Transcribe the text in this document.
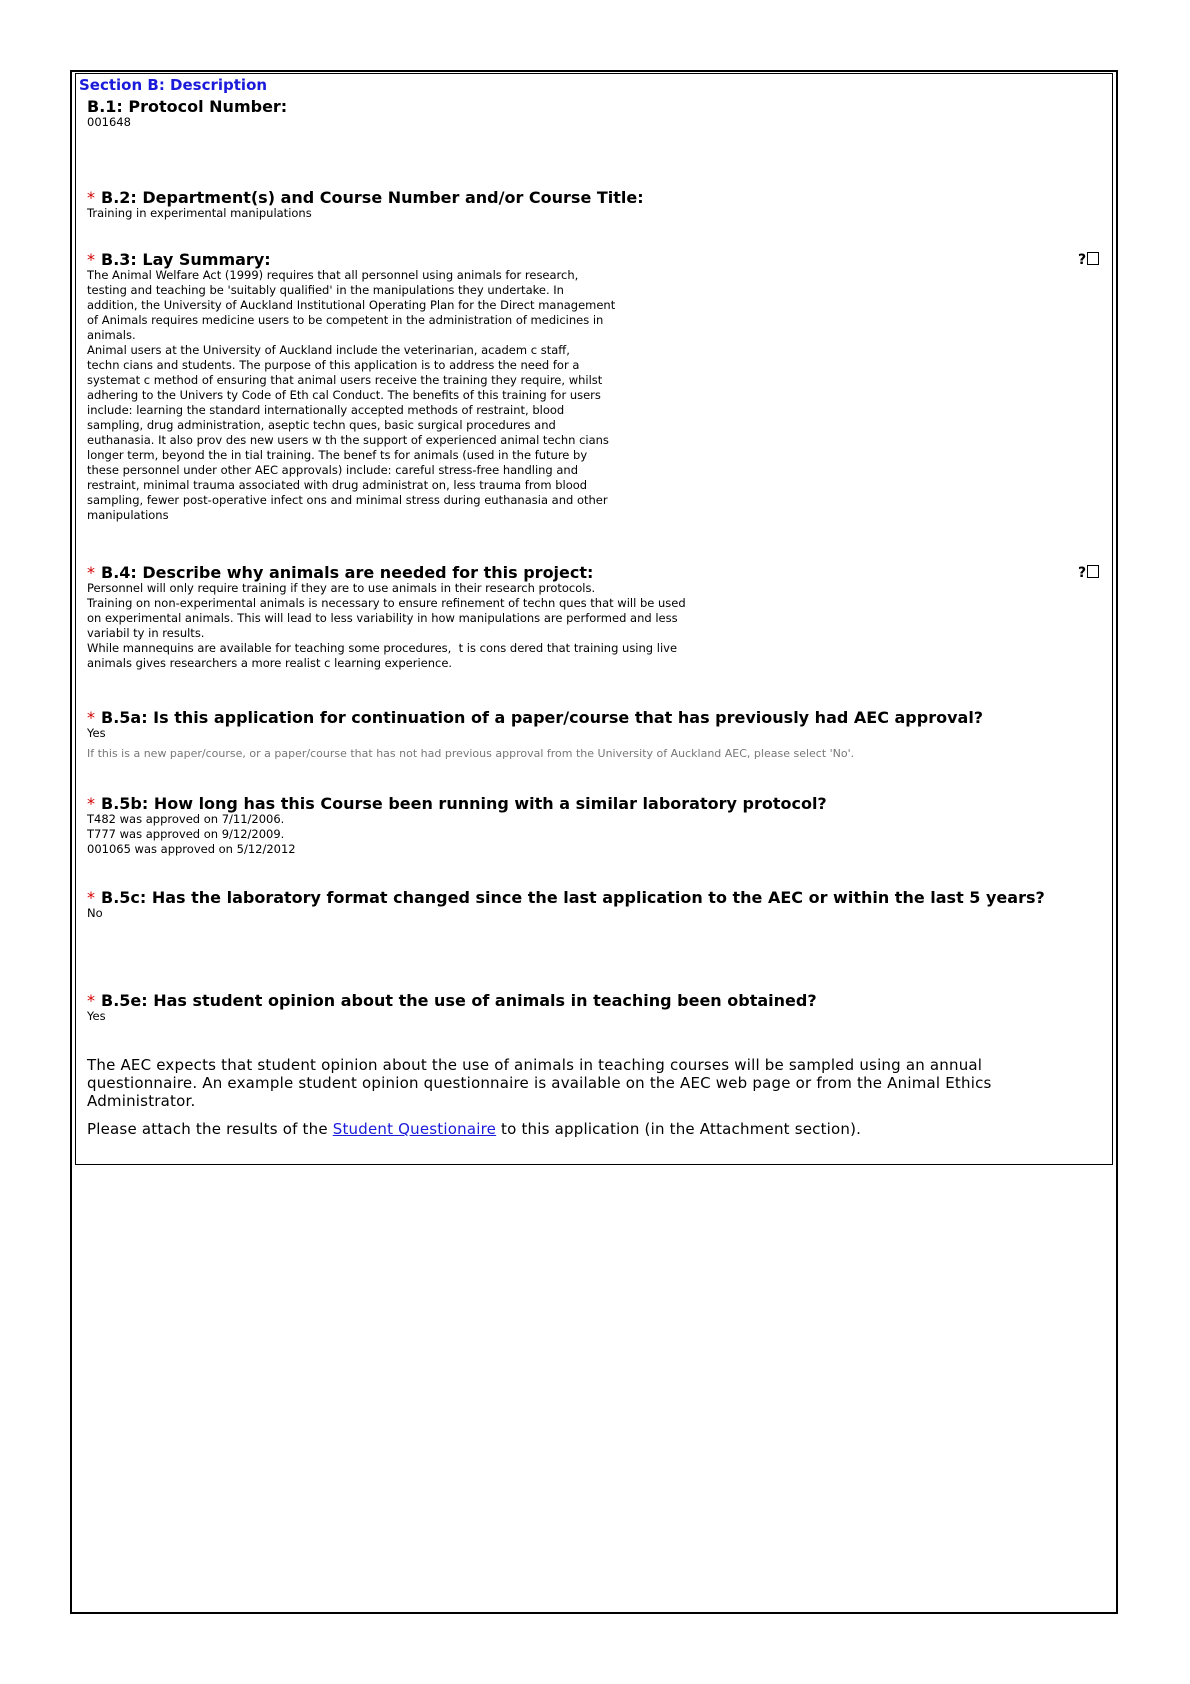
Section B: Description
B.1: Protocol Number:

001648

* B.2: Department(s) and Course Number and/or Course Title:

Training in experimental manipulations

* B.3: Lay Summary:	?

The Animal Welfare Act (1999) requires that all personnel using animals for research,
testing and teaching be 'suitably qualified' in the manipulations they undertake. In
addition, the University of Auckland Institutional Operating Plan for the Direct management
of Animals requires medicine users to be competent in the administration of medicines in
animals.
Animal users at the University of Auckland include the veterinarian, academ c staff,
techn cians and students. The purpose of this application is to address the need for a
systemat c method of ensuring that animal users receive the training they require, whilst
adhering to the Univers ty Code of Eth cal Conduct. The benefits of this training for users
include: learning the standard internationally accepted methods of restraint, blood
sampling, drug administration, aseptic techn ques, basic surgical procedures and
euthanasia. It also prov des new users w th the support of experienced animal techn cians
longer term, beyond the in tial training. The benef ts for animals (used in the future by
these personnel under other AEC approvals) include: careful stress-free handling and
restraint, minimal trauma associated with drug administrat on, less trauma from blood
sampling, fewer post-operative infect ons and minimal stress during euthanasia and other
manipulations

* B.4: Describe why animals are needed for this project:	?

Personnel will only require training if they are to use animals in their research protocols.
Training on non-experimental animals is necessary to ensure refinement of techn ques that will be used
on experimental animals. This will lead to less variability in how manipulations are performed and less
variabil ty in results.
While mannequins are available for teaching some procedures,  t is cons dered that training using live
animals gives researchers a more realist c learning experience.

* B.5a: Is this application for continuation of a paper/course that has previously had AEC approval?

Yes

If this is a new paper/course, or a paper/course that has not had previous approval from the University of Auckland AEC, please select 'No'.

* B.5b: How long has this Course been running with a similar laboratory protocol?

T482 was approved on 7/11/2006.
T777 was approved on 9/12/2009.
001065 was approved on 5/12/2012

* B.5c: Has the laboratory format changed since the last application to the AEC or within the last 5 years?

No

* B.5e: Has student opinion about the use of animals in teaching been obtained?

Yes

The AEC expects that student opinion about the use of animals in teaching courses will be sampled using an annual questionnaire. An example student opinion questionnaire is available on the AEC web page or from the Animal Ethics Administrator.

Please attach the results of the Student Questionaire to this application (in the Attachment section).
